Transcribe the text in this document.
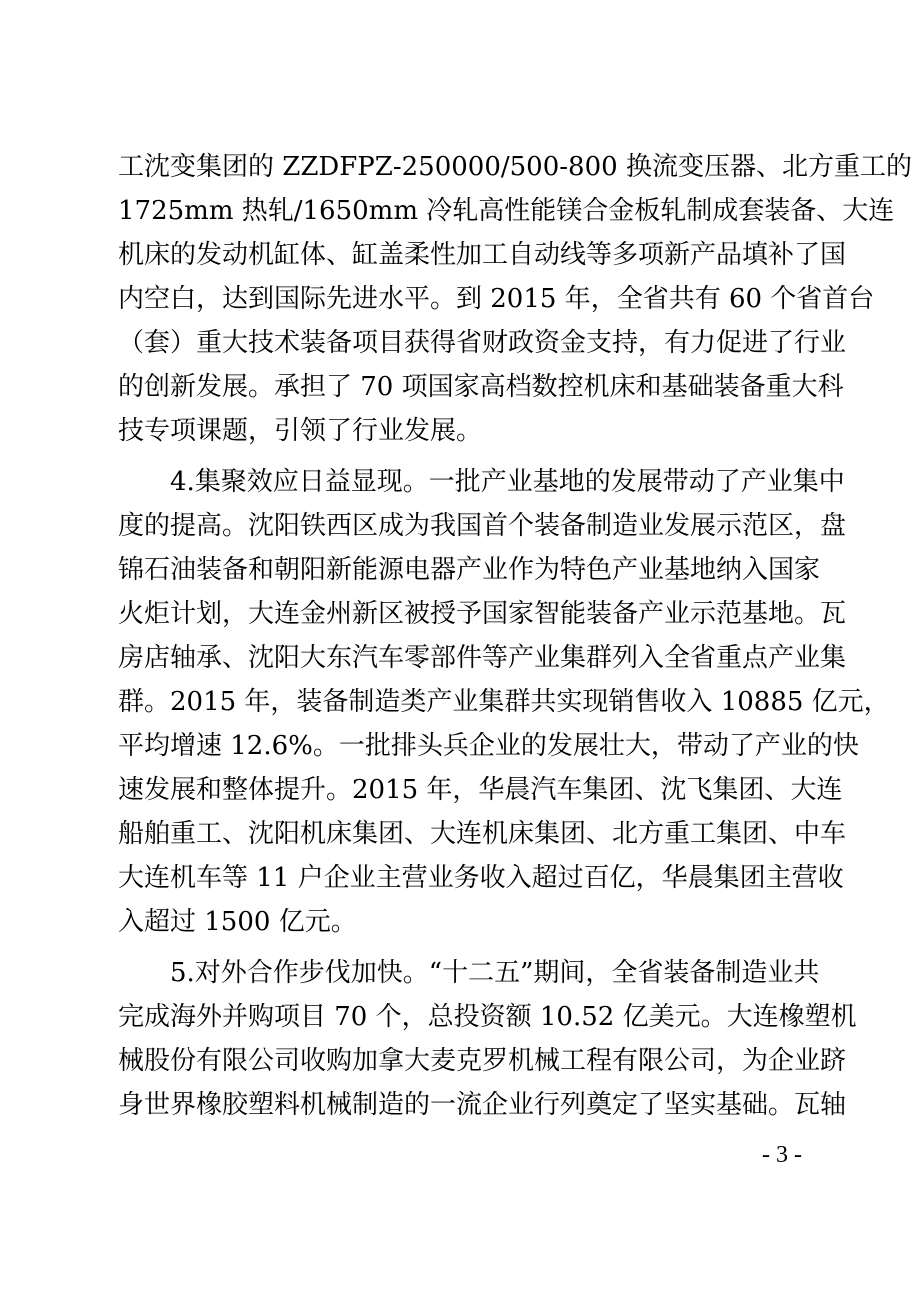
工沈变集团的 ZZDFPZ-250000/500-800 换流变压器、北方重工的
1725mm 热轧/1650mm 冷轧高性能镁合金板轧制成套装备、大连
机床的发动机缸体、缸盖柔性加工自动线等多项新产品填补了国
内空白，达到国际先进水平。到 2015 年，全省共有 60 个省首台
（套）重大技术装备项目获得省财政资金支持，有力促进了行业
的创新发展。承担了 70 项国家高档数控机床和基础装备重大科
技专项课题，引领了行业发展。
4.集聚效应日益显现。一批产业基地的发展带动了产业集中
度的提高。沈阳铁西区成为我国首个装备制造业发展示范区，盘
锦石油装备和朝阳新能源电器产业作为特色产业基地纳入国家
火炬计划，大连金州新区被授予国家智能装备产业示范基地。瓦
房店轴承、沈阳大东汽车零部件等产业集群列入全省重点产业集
群。2015 年，装备制造类产业集群共实现销售收入 10885 亿元，
平均增速 12.6%。一批排头兵企业的发展壮大，带动了产业的快
速发展和整体提升。2015 年，华晨汽车集团、沈飞集团、大连
船舶重工、沈阳机床集团、大连机床集团、北方重工集团、中车
大连机车等 11 户企业主营业务收入超过百亿，华晨集团主营收
入超过 1500 亿元。
5.对外合作步伐加快。“十二五”期间，全省装备制造业共
完成海外并购项目 70 个，总投资额 10.52 亿美元。大连橡塑机
械股份有限公司收购加拿大麦克罗机械工程有限公司，为企业跻
身世界橡胶塑料机械制造的一流企业行列奠定了坚实基础。瓦轴
- 3 -
